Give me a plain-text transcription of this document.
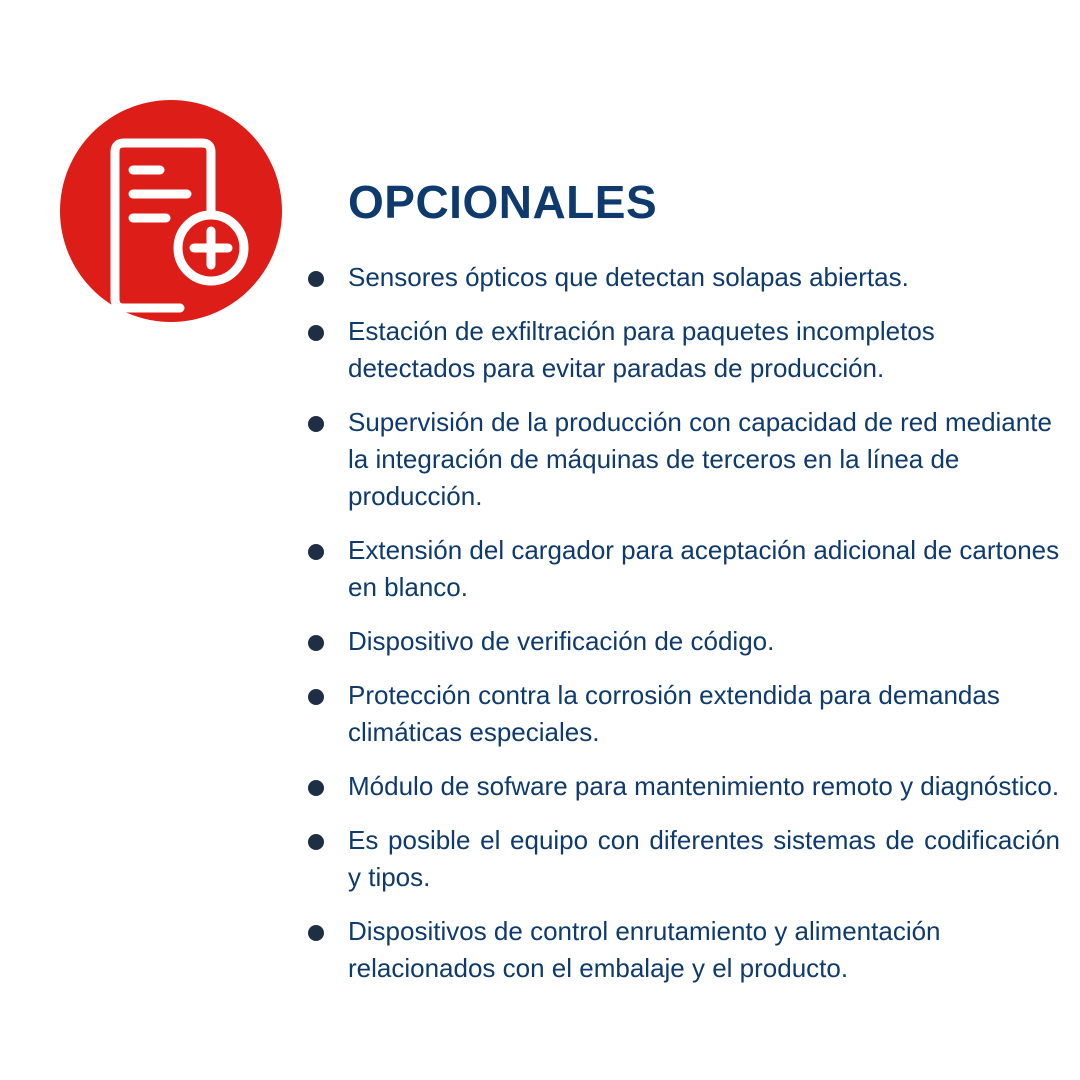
OPCIONALES
Sensores ópticos que detectan solapas abiertas.
Estación de exfiltración para paquetes incompletos detectados para evitar paradas de producción.
Supervisión de la producción con capacidad de red mediante la integración de máquinas de terceros en la línea de producción.
Extensión del cargador para aceptación adicional de cartones en blanco.
Dispositivo de verificación de código.
Protección contra la corrosión extendida para demandas climáticas especiales.
Módulo de sofware para mantenimiento remoto y diagnóstico.
Es posible el equipo con diferentes sistemas de codificación y tipos.
Dispositivos de control enrutamiento y alimentación relacionados con el embalaje y el producto.
